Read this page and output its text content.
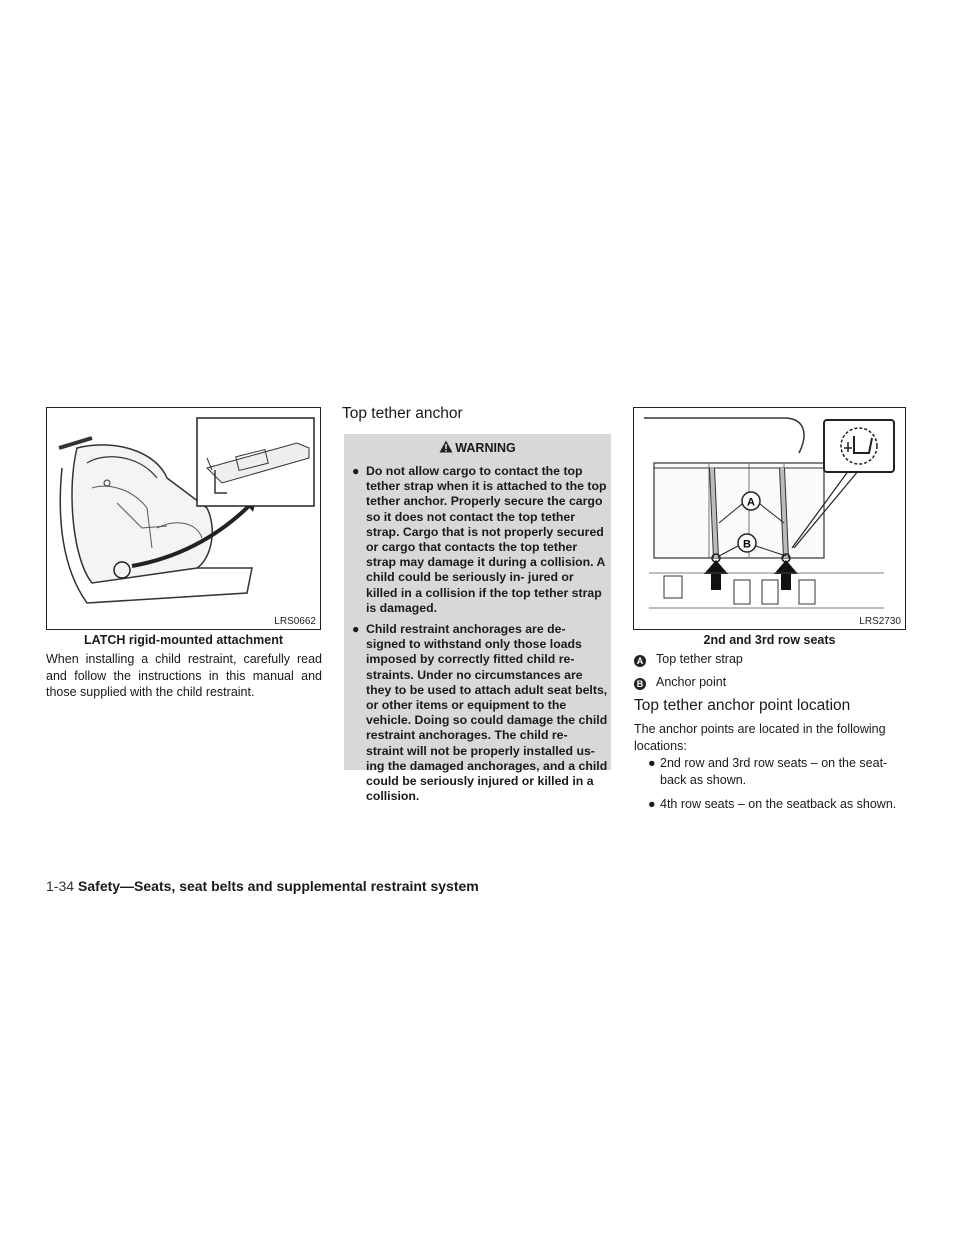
LRS0662
LATCH rigid-mounted attachment
When installing a child restraint, carefully read and follow the instructions in this manual and those supplied with the child restraint.
Top tether anchor
WARNING
● Do not allow cargo to contact the top tether strap when it is attached to the top tether anchor. Properly secure the cargo so it does not contact the top tether strap. Cargo that is not properly secured or cargo that contacts the top tether strap may damage it during a collision. A child could be seriously in- jured or killed in a collision if the top tether strap is damaged.
● Child restraint anchorages are de- signed to withstand only those loads imposed by correctly fitted child re- straints. Under no circumstances are they to be used to attach adult seat belts, or other items or equipment to the vehicle. Doing so could damage the child restraint anchorages. The child re- straint will not be properly installed us- ing the damaged anchorages, and a child could be seriously injured or killed in a collision.
A
B
LRS2730
2nd and 3rd row seats
A Top tether strap
B Anchor point
Top tether anchor point location
The anchor points are located in the following locations:
● 2nd row and 3rd row seats – on the seat- back as shown.
● 4th row seats – on the seatback as shown.
1-34 Safety—Seats, seat belts and supplemental restraint system
